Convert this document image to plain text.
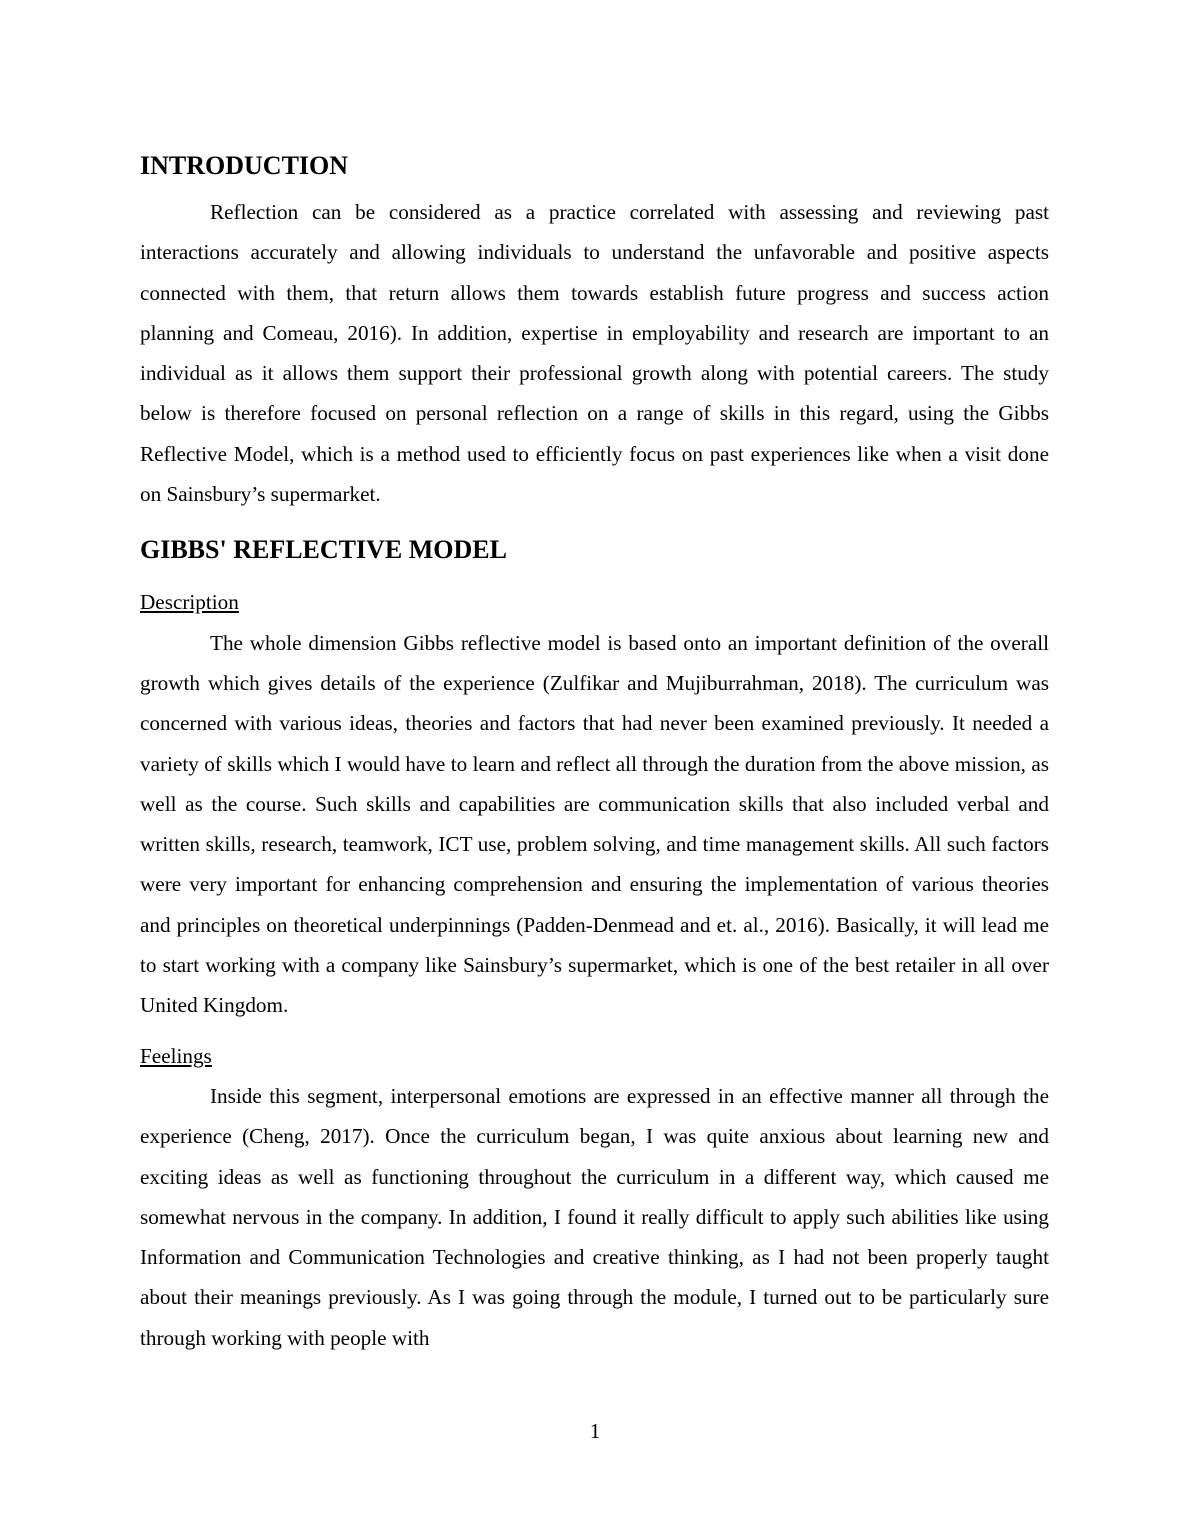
INTRODUCTION

Reflection can be considered as a practice correlated with assessing and reviewing past interactions accurately and allowing individuals to understand the unfavorable and positive aspects connected with them, that return allows them towards establish future progress and success action planning and Comeau, 2016). In addition, expertise in employability and research are important to an individual as it allows them support their professional growth along with potential careers. The study below is therefore focused on personal reflection on a range of skills in this regard, using the Gibbs Reflective Model, which is a method used to efficiently focus on past experiences like when a visit done on Sainsbury’s supermarket.

GIBBS' REFLECTIVE MODEL
Description

The whole dimension Gibbs reflective model is based onto an important definition of the overall growth which gives details of the experience (Zulfikar and Mujiburrahman, 2018). The curriculum was concerned with various ideas, theories and factors that had never been examined previously. It needed a variety of skills which I would have to learn and reflect all through the duration from the above mission, as well as the course. Such skills and capabilities are communication skills that also included verbal and written skills, research, teamwork, ICT use, problem solving, and time management skills. All such factors were very important for enhancing comprehension and ensuring the implementation of various theories and principles on theoretical underpinnings (Padden-Denmead and et. al., 2016). Basically, it will lead me to start working with a company like Sainsbury’s supermarket, which is one of the best retailer in all over United Kingdom.

Feelings

Inside this segment, interpersonal emotions are expressed in an effective manner all through the experience (Cheng, 2017). Once the curriculum began, I was quite anxious about learning new and exciting ideas as well as functioning throughout the curriculum in a different way, which caused me somewhat nervous in the company. In addition, I found it really difficult to apply such abilities like using Information and Communication Technologies and creative thinking, as I had not been properly taught about their meanings previously. As I was going through the module, I turned out to be particularly sure through working with people with

1
